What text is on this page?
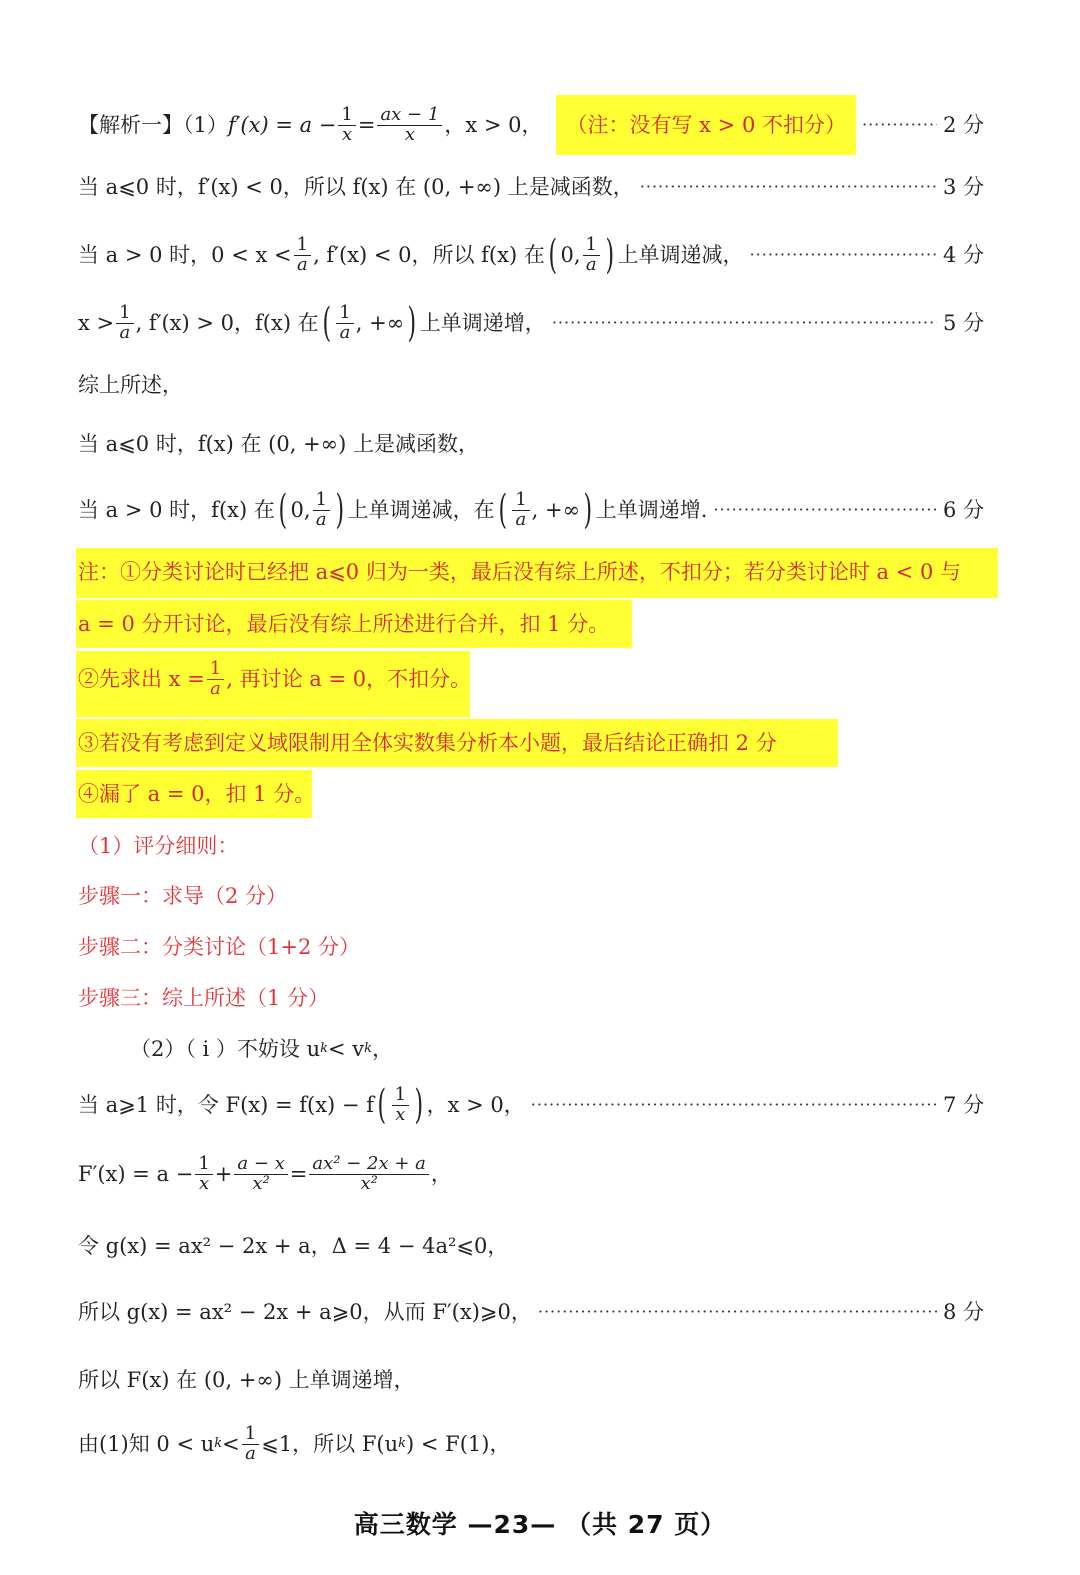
【解析一】（1） $f'(x) = a - \frac{1}{x} = \frac{ax - 1}{x}$ ，x > 0，	（注：没有写 x > 0 不扣分） ·····	2 分
当 a⩽0 时，f′(x) < 0，所以 f(x) 在 (0, +∞) 上是减函数， ·····	3 分
当 a > 0 时，$0 < x < \frac{1}{a}$ , f′(x) < 0，所以 f(x) 在 ( 0, $\frac{1}{a}$ ) 上单调递减， ·····	4 分
$x > \frac{1}{a}$ , f′(x) > 0，f(x) 在 ( $\frac{1}{a}$ , +∞ ) 上单调递增， ·····	5 分
综上所述，
当 a⩽0 时，f(x) 在 (0, +∞) 上是减函数，
当 a > 0 时，f(x) 在 ( 0, $\frac{1}{a}$ ) 上单调递减，在 ( $\frac{1}{a}$ , +∞ ) 上单调递增. ·····	6 分
注：①分类讨论时已经把 a⩽0 归为一类，最后没有综上所述，不扣分；若分类讨论时 a < 0 与
a = 0 分开讨论，最后没有综上所述进行合并，扣 1 分。
②先求出 $x = \frac{1}{a}$ , 再讨论 a = 0，不扣分。
③若没有考虑到定义域限制用全体实数集分析本小题，最后结论正确扣 2 分
④漏了 a = 0，扣 1 分。
（1）评分细则：
步骤一：求导（2 分）
步骤二：分类讨论（1+2 分）
步骤三：综上所述（1 分）
（2）（ i ）不妨设 u k < v k ，
当 a⩾1 时，令 F(x) = f(x) − f ( $\frac{1}{x}$ ) ，x > 0， ·····	7 分
$F'(x) = a - \frac{1}{x} + \frac{a - x}{\text{x²}} = \frac{\text{ax² − 2x + a}}{\text{x²}}$ ，
令 g(x) = ax² − 2x + a，Δ = 4 − 4a²⩽0，
所以 g(x) = ax² − 2x + a⩾0，从而 F′(x)⩾0， ·····	8 分
所以 F(x) 在 (0, +∞) 上单调递增，
由(1)知 0 < u $k < \frac{1}{a}$ ⩽1，所以 F(u k ) < F(1)，
高三数学 —23— （共 27 页）
